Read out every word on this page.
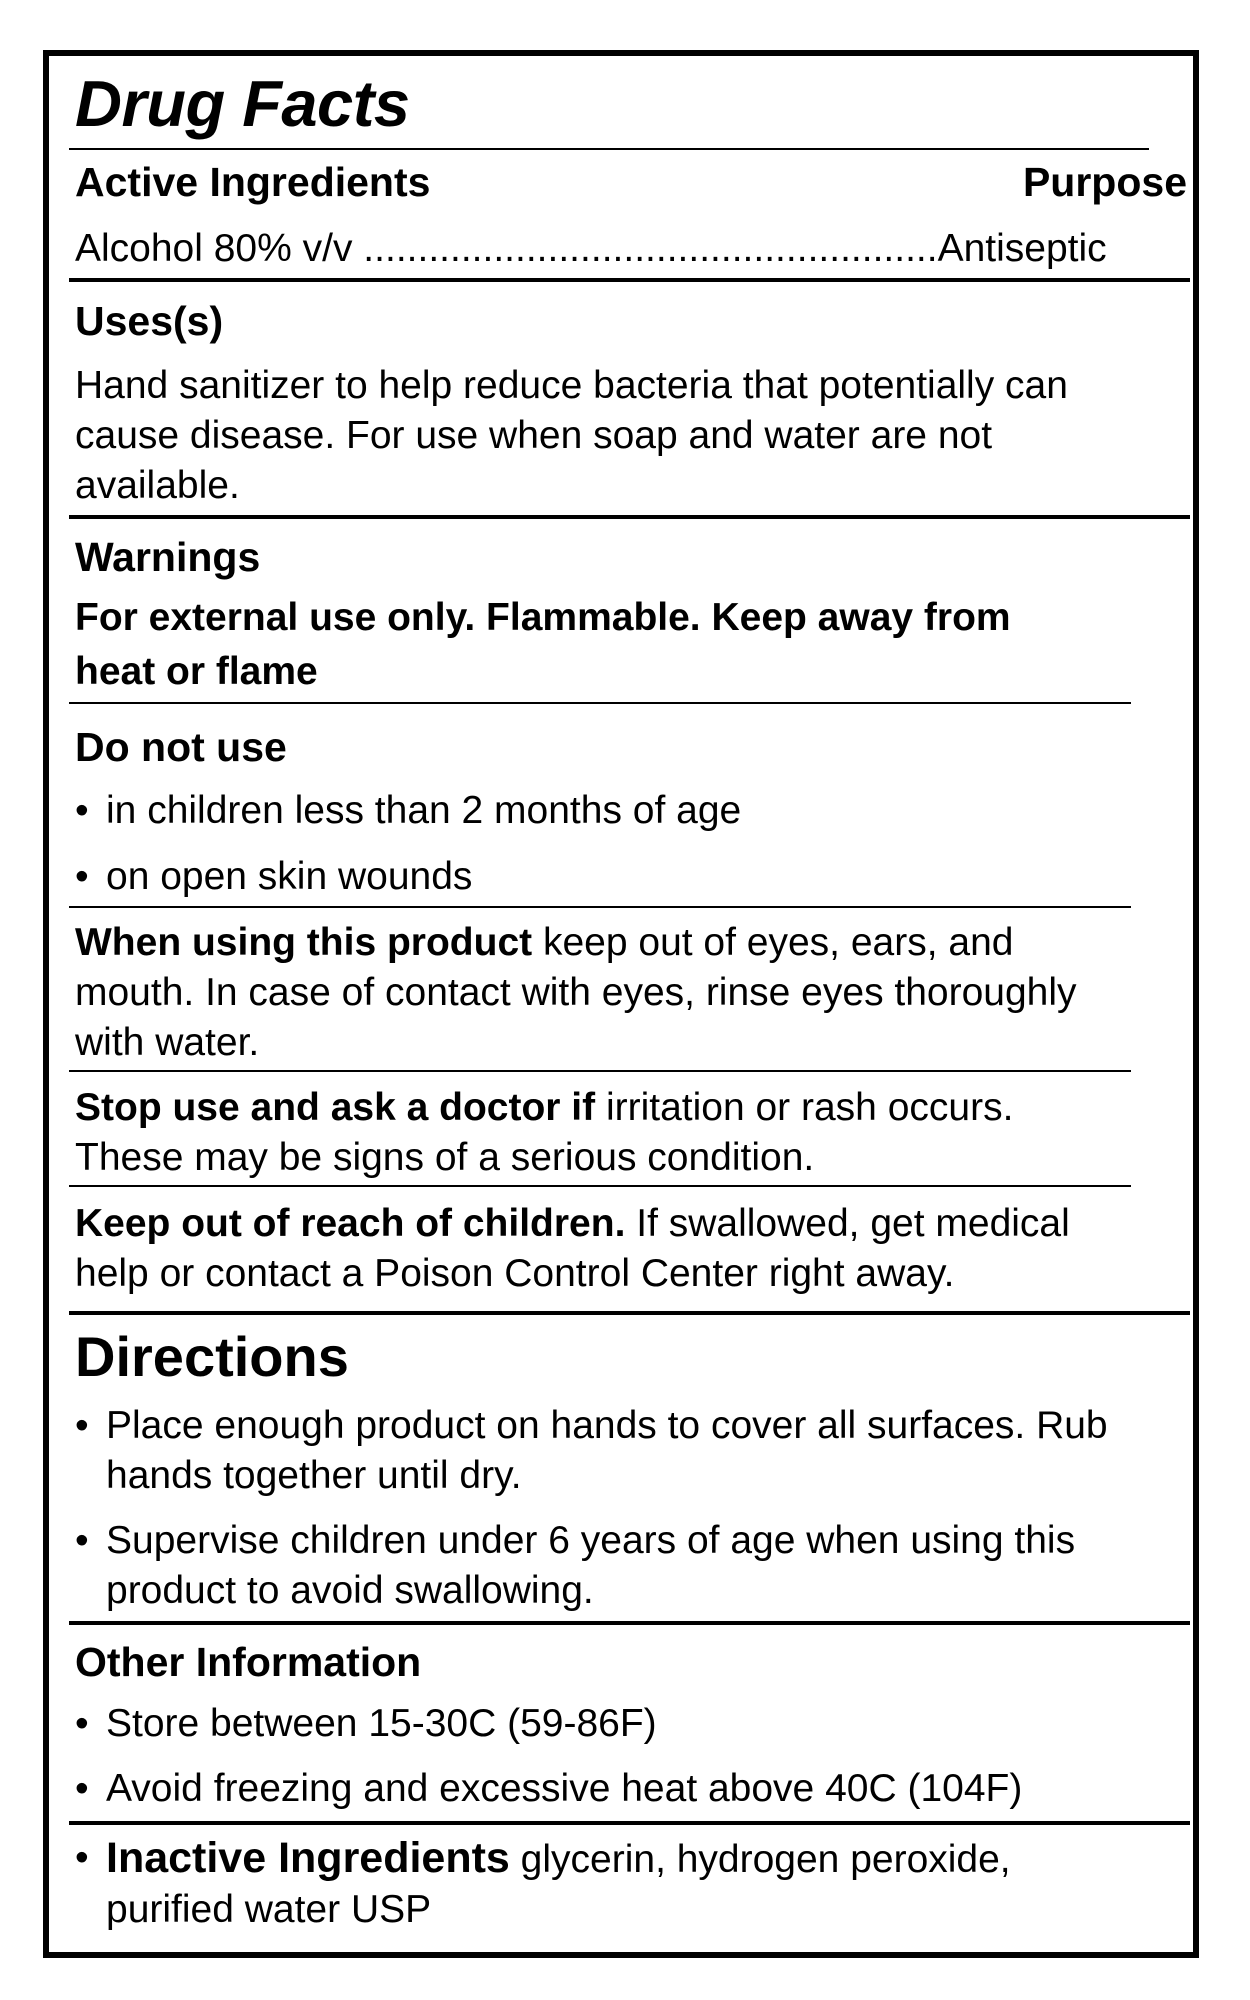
Drug Facts
Active Ingredients	Purpose
Alcohol 80% v/v .....................................................Antiseptic
Uses(s)
Hand sanitizer to help reduce bacteria that potentially can
cause disease. For use when soap and water are not
available.
Warnings
For external use only. Flammable. Keep away from
heat or flame
Do not use
• in children less than 2 months of age
• on open skin wounds
When using this product keep out of eyes, ears, and
mouth. In case of contact with eyes, rinse eyes thoroughly
with water.
Stop use and ask a doctor if irritation or rash occurs.
These may be signs of a serious condition.
Keep out of reach of children. If swallowed, get medical
help or contact a Poison Control Center right away.
Directions
• Place enough product on hands to cover all surfaces. Rub
hands together until dry.
• Supervise children under 6 years of age when using this
product to avoid swallowing.
Other Information
• Store between 15-30C (59-86F)
• Avoid freezing and excessive heat above 40C (104F)
• Inactive Ingredients glycerin, hydrogen peroxide,
purified water USP
